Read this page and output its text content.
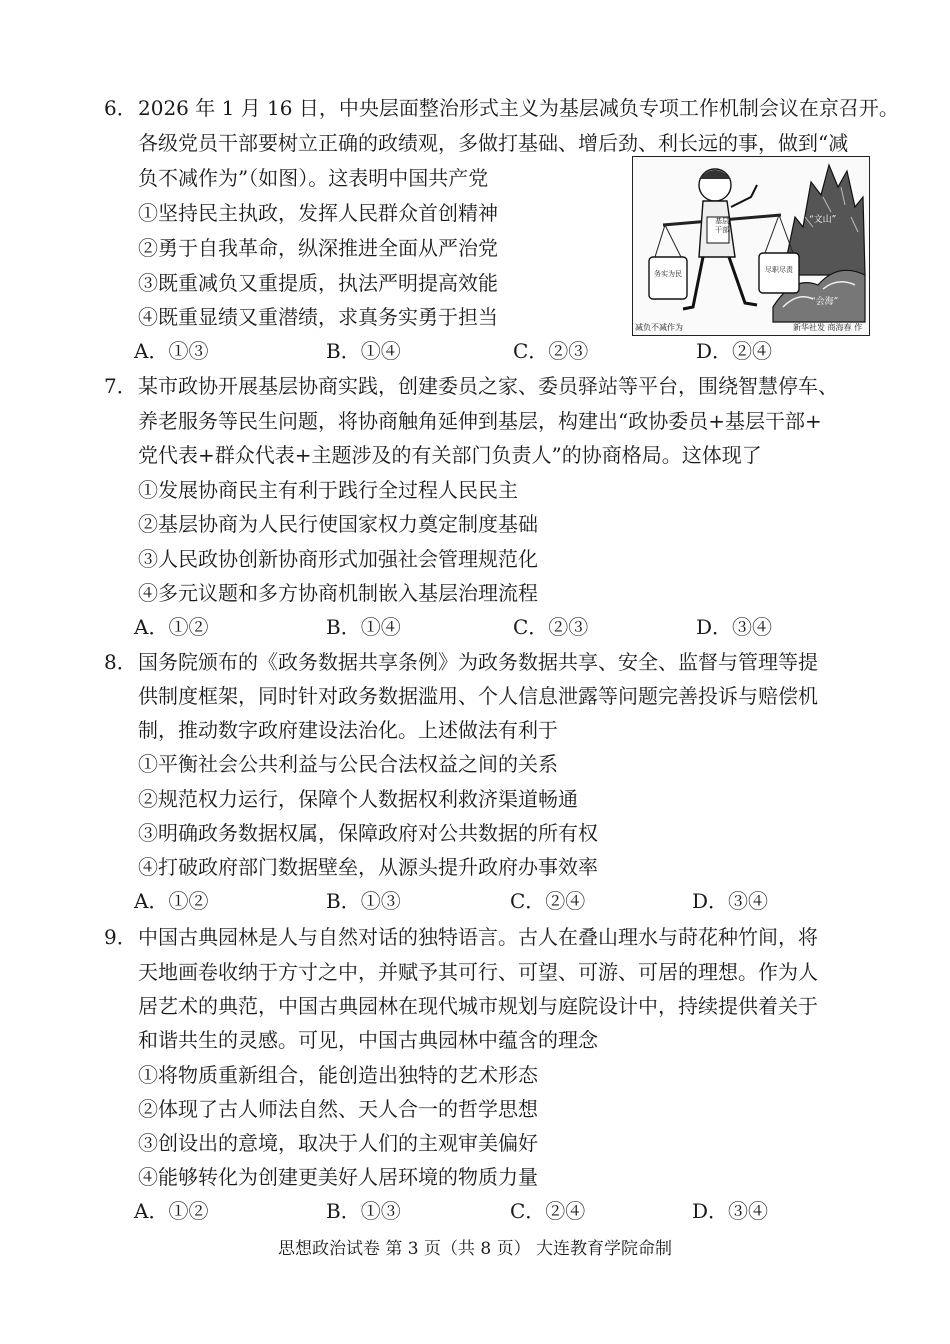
6． 2026 年 1 月 16 日，中央层面整治形式主义为基层减负专项工作机制会议在京召开。
各级党员干部要树立正确的政绩观，多做打基础、增后劲、利长远的事，做到“减
负不减作为”（如图）。这表明中国共产党
①坚持民主执政，发挥人民群众首创精神
②勇于自我革命，纵深推进全面从严治党
③既重减负又重提质，执法严明提高效能
④既重显绩又重潜绩，求真务实勇于担当
A．①③	B．①④	C．②③	D．②④
基层干部
务实为民	尽职尽责
“文山”
“会海”
减负不减作为	新华社发 商海春 作
7． 某市政协开展基层协商实践，创建委员之家、委员驿站等平台，围绕智慧停车、
养老服务等民生问题，将协商触角延伸到基层，构建出“政协委员+基层干部+
党代表+群众代表+主题涉及的有关部门负责人”的协商格局。这体现了
①发展协商民主有利于践行全过程人民民主
②基层协商为人民行使国家权力奠定制度基础
③人民政协创新协商形式加强社会管理规范化
④多元议题和多方协商机制嵌入基层治理流程
A．①②	B．①④	C．②③	D．③④
8． 国务院颁布的《政务数据共享条例》为政务数据共享、安全、监督与管理等提
供制度框架，同时针对政务数据滥用、个人信息泄露等问题完善投诉与赔偿机
制，推动数字政府建设法治化。上述做法有利于
①平衡社会公共利益与公民合法权益之间的关系
②规范权力运行，保障个人数据权利救济渠道畅通
③明确政务数据权属，保障政府对公共数据的所有权
④打破政府部门数据壁垒，从源头提升政府办事效率
A．①②	B．①③	C．②④	D．③④
9． 中国古典园林是人与自然对话的独特语言。古人在叠山理水与莳花种竹间，将
天地画卷收纳于方寸之中，并赋予其可行、可望、可游、可居的理想。作为人
居艺术的典范，中国古典园林在现代城市规划与庭院设计中，持续提供着关于
和谐共生的灵感。可见，中国古典园林中蕴含的理念
①将物质重新组合，能创造出独特的艺术形态
②体现了古人师法自然、天人合一的哲学思想
③创设出的意境，取决于人们的主观审美偏好
④能够转化为创建更美好人居环境的物质力量
A．①②	B．①③	C．②④	D．③④
思想政治试卷 第 3 页（共 8 页） 大连教育学院命制
